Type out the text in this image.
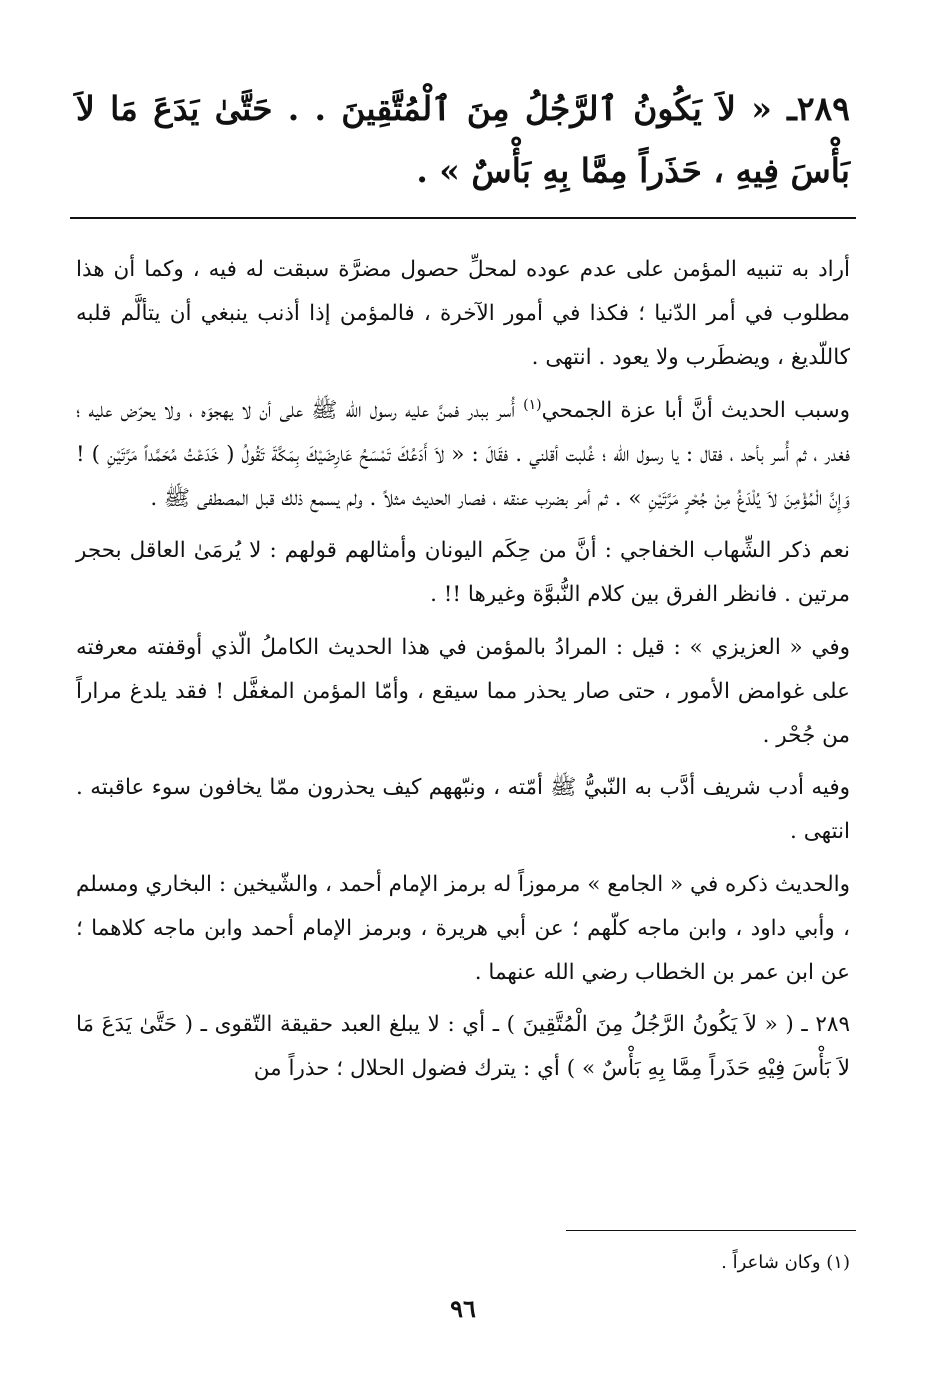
٢٨٩ـ « لاَ يَكُونُ ٱلرَّجُلُ مِنَ ٱلْمُتَّقِينَ . . حَتَّىٰ يَدَعَ مَا لاَ بَأْسَ فِيهِ ، حَذَراً مِمَّا بِهِ بَأْسٌ » .

أراد به تنبيه المؤمن على عدم عوده لمحلِّ حصول مضرَّة سبقت له فيه ، وكما أن هذا مطلوب في أمر الدّنيا ؛ فكذا في أمور الآخرة ، فالمؤمن إذا أذنب ينبغي أن يتألَّم قلبه كاللّديغ ، ويضطَرب ولا يعود . انتهى .

وسبب الحديث أنَّ أبا عزة الجمحي$^{(١)}$ أُسر ببدر فمنَّ عليه رسول الله ﷺ على أن لا يهجوَه ، ولا يحرّض عليه ؛ فغدر ، ثم أُسر بأحد ، فقال : يا رسول الله ؛ غُلبت أقلني . فقَالَ : « لاَ أَدَعُكَ تَمْسَحُ عَارِضَيْكَ بِمَكَّةَ تَقُولُ ( خَدَعْتُ مُحَمَّداً مَرَّتَيْنِ ) ! وَإِنَّ الْمُؤْمِنَ لاَ يُلْدَغُ مِنْ جُحْرٍ مَرَّتَيْنِ » . ثم أمر بضرب عنقه ، فصار الحديث مثلاً . ولم يسمع ذلك قبل المصطفى ﷺ .

نعم ذكر الشِّهاب الخفاجي : أنَّ من حِكَم اليونان وأمثالهم قولهم : لا يُرمَىٰ العاقل بحجر مرتين . فانظر الفرق بين كلام النُّبوَّة وغيرها !! .

وفي « العزيزي » : قيل : المرادُ بالمؤمن في هذا الحديث الكاملُ الّذي أوقفته معرفته على غوامض الأمور ، حتى صار يحذر مما سيقع ، وأمّا المؤمن المغفَّل ! فقد يلدغ مراراً من جُحْر .

وفيه أدب شريف أدَّب به النّبيُّ ﷺ أمّته ، ونبّههم كيف يحذرون ممّا يخافون سوء عاقبته . انتهى .

والحديث ذكره في « الجامع » مرموزاً له برمز الإمام أحمد ، والشّيخين : البخاري ومسلم ، وأبي داود ، وابن ماجه كلّهم ؛ عن أبي هريرة ، وبرمز الإمام أحمد وابن ماجه كلاهما ؛ عن ابن عمر بن الخطاب رضي الله عنهما .

٢٨٩ ـ ( « لاَ يَكُونُ الرَّجُلُ مِنَ الْمُتَّقِينَ ) ـ أي : لا يبلغ العبد حقيقة التّقوى ـ ( حَتَّىٰ يَدَعَ مَا لاَ بَأْسَ فِيْهِ حَذَراً مِمَّا بِهِ بَأْسٌ » ) أي : يترك فضول الحلال ؛ حذراً من

(١) وكان شاعراً .
٩٦
